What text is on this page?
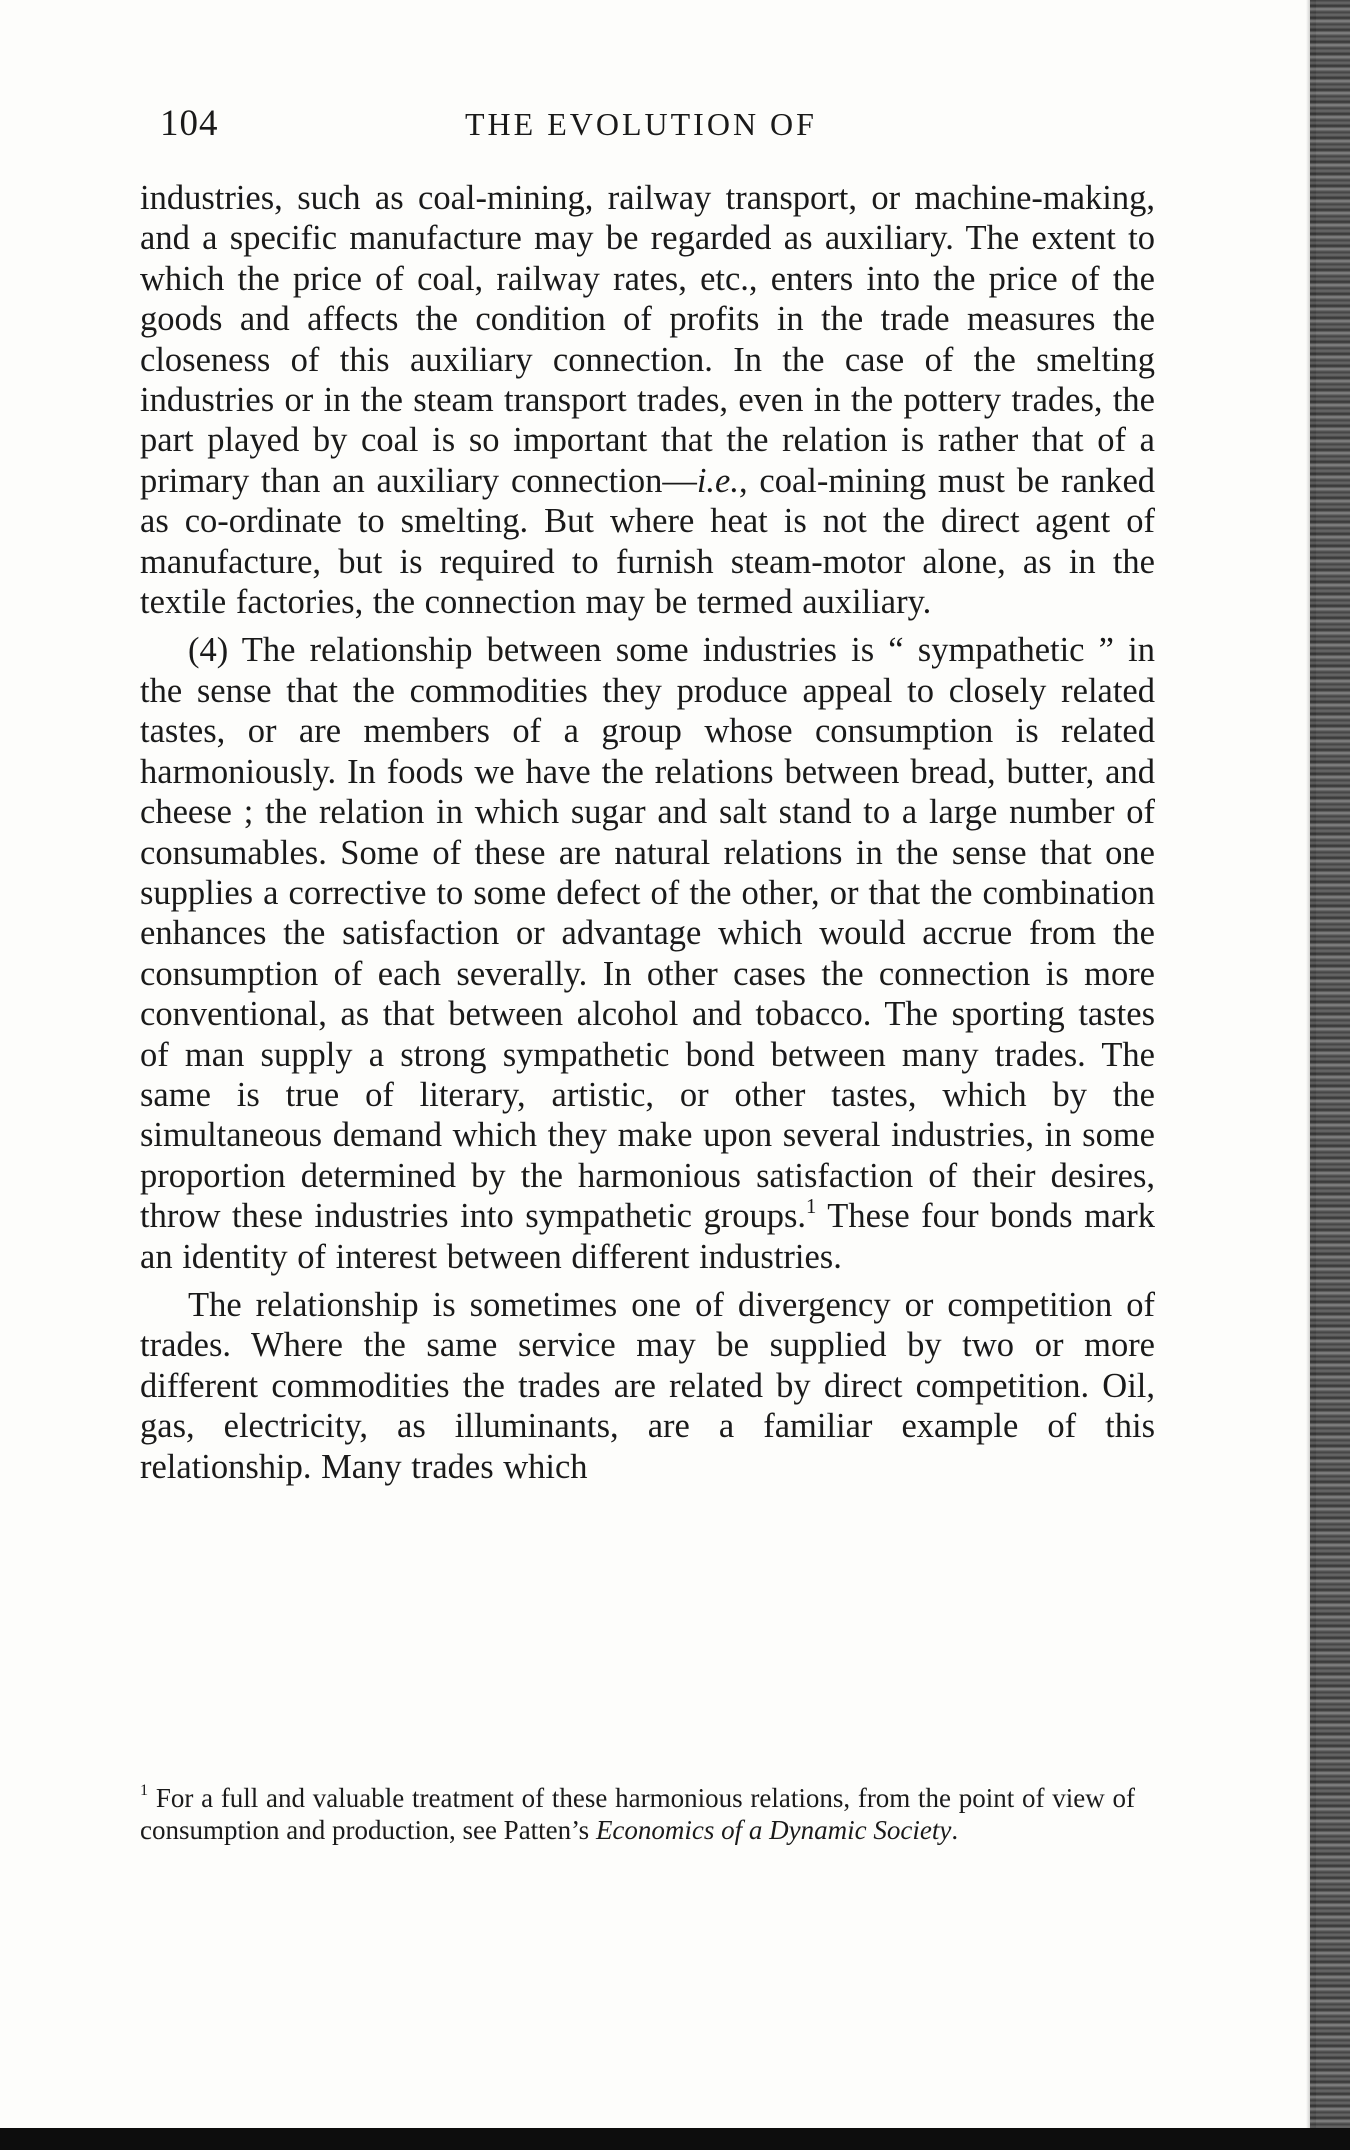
104	THE EVOLUTION OF

industries, such as coal-mining, railway transport, or machine-making, and a specific manufacture may be regarded as auxiliary. The extent to which the price of coal, railway rates, etc., enters into the price of the goods and affects the condition of profits in the trade measures the closeness of this auxiliary connection. In the case of the smelting industries or in the steam transport trades, even in the pottery trades, the part played by coal is so important that the relation is rather that of a primary than an auxiliary connection—i.e., coal-mining must be ranked as co-ordinate to smelting. But where heat is not the direct agent of manufacture, but is required to furnish steam-motor alone, as in the textile factories, the connection may be termed auxiliary.

(4) The relationship between some industries is “ sympathetic ” in the sense that the commodities they produce appeal to closely related tastes, or are members of a group whose consumption is related harmoniously. In foods we have the relations between bread, butter, and cheese ; the relation in which sugar and salt stand to a large number of consumables. Some of these are natural relations in the sense that one supplies a corrective to some defect of the other, or that the combination enhances the satisfaction or advantage which would accrue from the consumption of each severally. In other cases the connection is more conventional, as that between alcohol and tobacco. The sporting tastes of man supply a strong sympathetic bond between many trades. The same is true of literary, artistic, or other tastes, which by the simultaneous demand which they make upon several industries, in some proportion determined by the harmonious satisfaction of their desires, throw these industries into sympathetic groups.$^1$ These four bonds mark an identity of interest between different industries.

The relationship is sometimes one of divergency or competition of trades. Where the same service may be supplied by two or more different commodities the trades are related by direct competition. Oil, gas, electricity, as illuminants, are a familiar example of this relationship. Many trades which

$^1$ For a full and valuable treatment of these harmonious relations, from the point of view of consumption and production, see Patten’s Economics of a Dynamic Society.
